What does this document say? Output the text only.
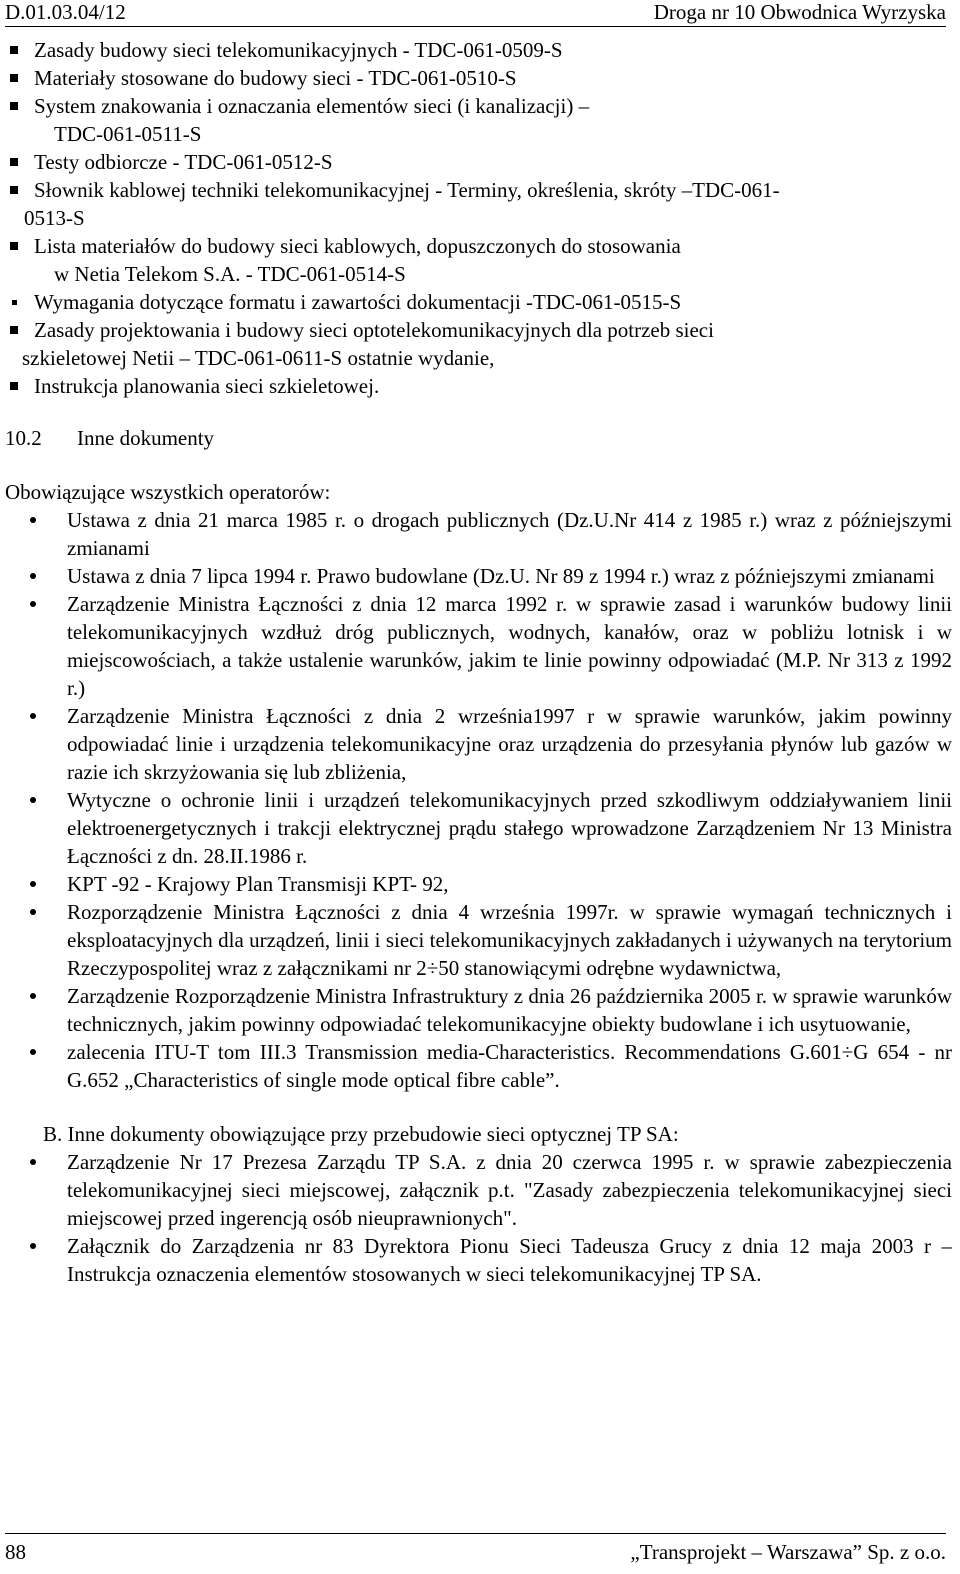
D.01.03.04/12	Droga nr 10 Obwodnica Wyrzyska
Zasady budowy sieci telekomunikacyjnych - TDC-061-0509-S
Materiały stosowane do budowy sieci - TDC-061-0510-S
System znakowania i oznaczania elementów sieci (i kanalizacji) –
TDC-061-0511-S
Testy odbiorcze - TDC-061-0512-S
Słownik kablowej techniki telekomunikacyjnej - Terminy, określenia, skróty –TDC-061-
0513-S
Lista materiałów do budowy sieci kablowych, dopuszczonych do stosowania
w Netia Telekom S.A. - TDC-061-0514-S
Wymagania dotyczące formatu i zawartości dokumentacji -TDC-061-0515-S
Zasady projektowania i budowy sieci optotelekomunikacyjnych dla potrzeb sieci
szkieletowej Netii – TDC-061-0611-S ostatnie wydanie,
Instrukcja planowania sieci szkieletowej.
10.2 Inne dokumenty
Obowiązujące wszystkich operatorów:
Ustawa z dnia 21 marca 1985 r. o drogach publicznych (Dz.U.Nr 414 z 1985 r.) wraz z późniejszymi zmianami
Ustawa z dnia 7 lipca 1994 r. Prawo budowlane (Dz.U. Nr 89 z 1994 r.) wraz z późniejszymi zmianami
Zarządzenie Ministra Łączności z dnia 12 marca 1992 r. w sprawie zasad i warunków budowy linii telekomunikacyjnych wzdłuż dróg publicznych, wodnych, kanałów, oraz w pobliżu lotnisk i w miejscowościach, a także ustalenie warunków, jakim te linie powinny odpowiadać (M.P. Nr 313 z 1992 r.)
Zarządzenie Ministra Łączności z dnia 2 września1997 r w sprawie warunków, jakim powinny odpowiadać linie i urządzenia telekomunikacyjne oraz urządzenia do przesyłania płynów lub gazów w razie ich skrzyżowania się lub zbliżenia,
Wytyczne o ochronie linii i urządzeń telekomunikacyjnych przed szkodliwym oddziaływaniem linii elektroenergetycznych i trakcji elektrycznej prądu stałego wprowadzone Zarządzeniem Nr 13 Ministra Łączności z dn. 28.II.1986 r.
KPT -92 - Krajowy Plan Transmisji KPT- 92,
Rozporządzenie Ministra Łączności z dnia 4 września 1997r. w sprawie wymagań technicznych i eksploatacyjnych dla urządzeń, linii i sieci telekomunikacyjnych zakładanych i używanych na terytorium Rzeczypospolitej wraz z załącznikami nr 2÷50 stanowiącymi odrębne wydawnictwa,
Zarządzenie Rozporządzenie Ministra Infrastruktury z dnia 26 października 2005 r. w sprawie warunków technicznych, jakim powinny odpowiadać telekomunikacyjne obiekty budowlane i ich usytuowanie,
zalecenia ITU-T tom III.3 Transmission media-Characteristics. Recommendations G.601÷G 654 - nr G.652 „Characteristics of single mode optical fibre cable”.
B. Inne dokumenty obowiązujące przy przebudowie sieci optycznej TP SA:
Zarządzenie Nr 17 Prezesa Zarządu TP S.A. z dnia 20 czerwca 1995 r. w sprawie zabezpieczenia telekomunikacyjnej sieci miejscowej, załącznik p.t. "Zasady zabezpieczenia telekomunikacyjnej sieci miejscowej przed ingerencją osób nieuprawnionych".
Załącznik do Zarządzenia nr 83 Dyrektora Pionu Sieci Tadeusza Grucy z dnia 12 maja 2003 r – Instrukcja oznaczenia elementów stosowanych w sieci telekomunikacyjnej TP SA.
88	„Transprojekt – Warszawa” Sp. z o.o.
